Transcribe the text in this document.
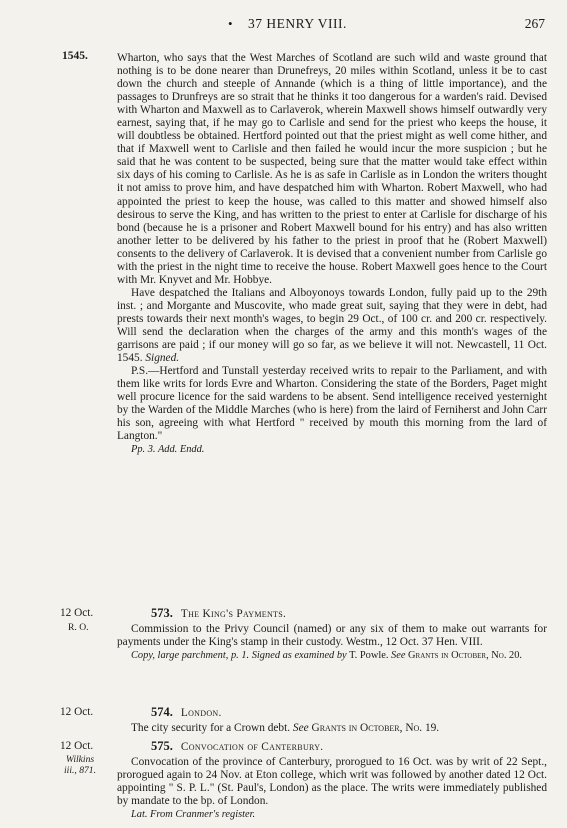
• 37 HENRY VIII.	267
1545.	Wharton, who says that the West Marches of Scotland are such wild and waste ground that nothing is to be done nearer than Drunefreys, 20 miles within Scotland, unless it be to cast down the church and steeple of Annande (which is a thing of little importance), and the passages to Drunfreys are so strait that he thinks it too dangerous for a warden's raid. Devised with Wharton and Maxwell as to Carlaverok, wherein Maxwell shows himself outwardly very earnest, saying that, if he may go to Carlisle and send for the priest who keeps the house, it will doubtless be obtained. Hertford pointed out that the priest might as well come hither, and that if Maxwell went to Carlisle and then failed he would incur the more suspicion ; but he said that he was content to be suspected, being sure that the matter would take effect within six days of his coming to Carlisle. As he is as safe in Carlisle as in London the writers thought it not amiss to prove him, and have despatched him with Wharton. Robert Maxwell, who had appointed the priest to keep the house, was called to this matter and showed himself also desirous to serve the King, and has written to the priest to enter at Carlisle for discharge of his bond (because he is a prisoner and Robert Maxwell bound for his entry) and has also written another letter to be delivered by his father to the priest in proof that he (Robert Maxwell) consents to the delivery of Carlaverok. It is devised that a convenient number from Carlisle go with the priest in the night time to receive the house. Robert Maxwell goes hence to the Court with Mr. Knyvet and Mr. Hobbye.

Have despatched the Italians and Alboyonoys towards London, fully paid up to the 29th inst. ; and Morgante and Muscovite, who made great suit, saying that they were in debt, had prests towards their next month's wages, to begin 29 Oct., of 100 cr. and 200 cr. respectively. Will send the declaration when the charges of the army and this month's wages of the garrisons are paid ; if our money will go so far, as we believe it will not. Newcastell, 11 Oct. 1545. Signed.

P.S.—Hertford and Tunstall yesterday received writs to repair to the Parliament, and with them like writs for lords Evre and Wharton. Considering the state of the Borders, Paget might well procure licence for the said wardens to be absent. Send intelligence received yesternight by the Warden of the Middle Marches (who is here) from the laird of Ferniherst and John Carr his son, agreeing with what Hertford " received by mouth this morning from the lard of Langton."

Pp. 3. Add. Endd.

12 Oct.
R. O.
573. The King's Payments.

Commission to the Privy Council (named) or any six of them to make out warrants for payments under the King's stamp in their custody. Westm., 12 Oct. 37 Hen. VIII.

Copy, large parchment, p. 1. Signed as examined by T. Powle. See Grants in October, No. 20.

12 Oct.	574. London.

The city security for a Crown debt. See Grants in October, No. 19.

12 Oct.
Wilkins
iii., 871.
575. Convocation of Canterbury.

Convocation of the province of Canterbury, prorogued to 16 Oct. was by writ of 22 Sept., prorogued again to 24 Nov. at Eton college, which writ was followed by another dated 12 Oct. appointing " S. P. L." (St. Paul's, London) as the place. The writs were immediately published by mandate to the bp. of London.

Lat. From Cranmer's register.
